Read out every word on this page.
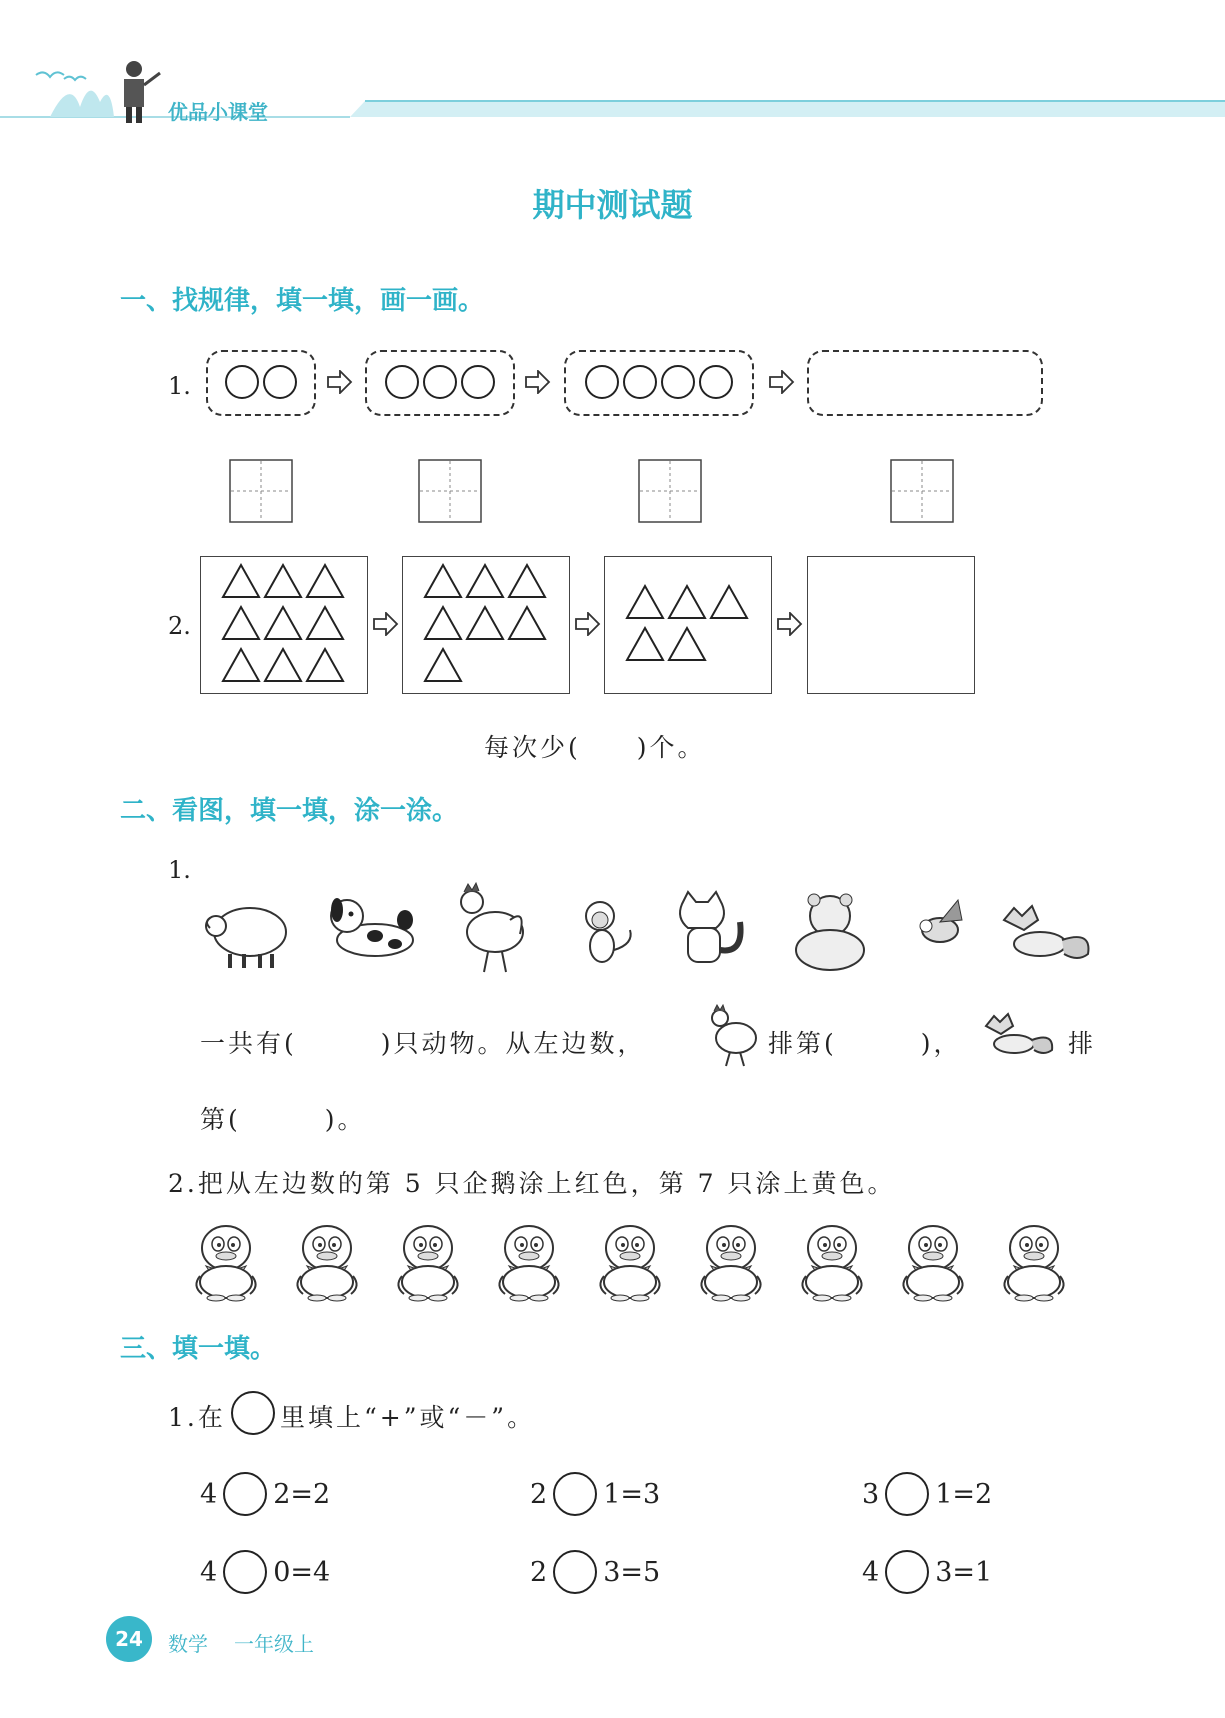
优品小课堂
期中测试题
一、找规律，填一填，画一画。
1.
2.
每次少(　　)个。
二、看图，填一填，涂一涂。
1.
一共有(　　　)只动物。从左边数，	排第(　　　)，	排
第(　　　)。
2.把从左边数的第 5 只企鹅涂上红色，第 7 只涂上黄色。
三、填一填。
1.在 里填上“+”或“－”。
4 2=2	2 1=3	3 1=2
4 0=4	2 3=5	4 3=1
24	数学 一年级上
